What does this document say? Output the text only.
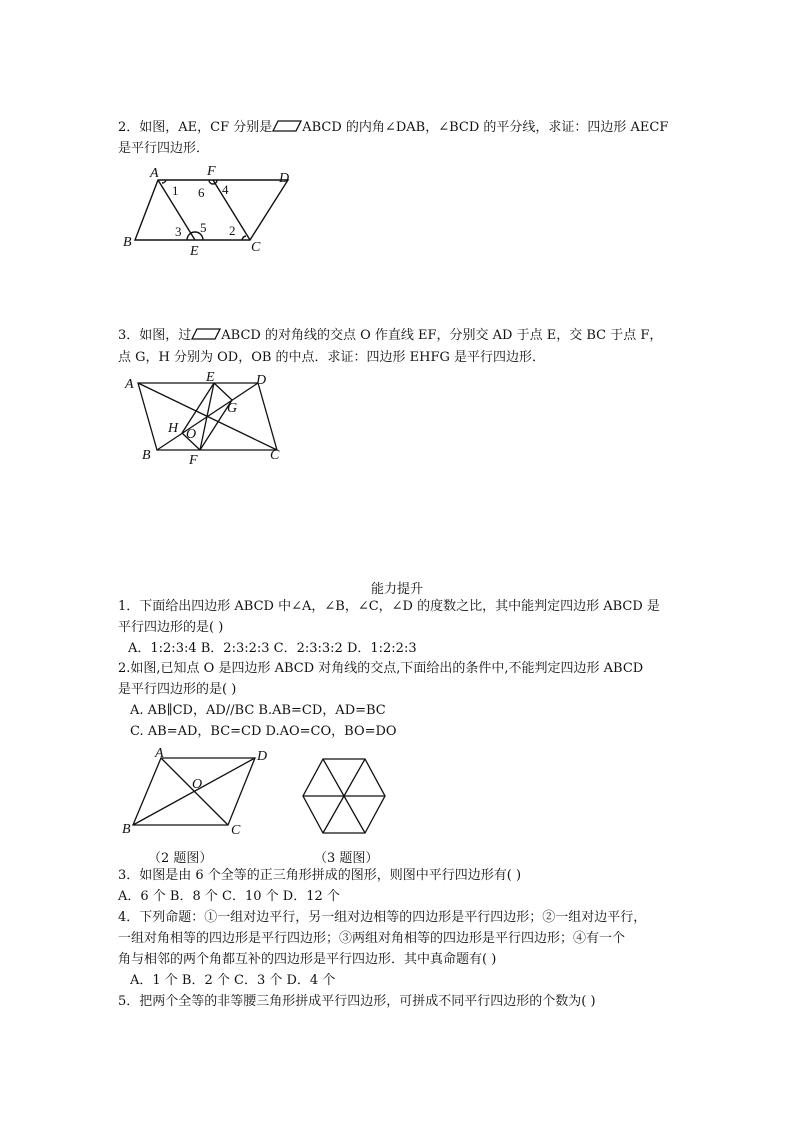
2．如图，AE，CF 分别是 ABCD 的内角∠DAB，∠BCD 的平分线，求证：四边形 AECF
是平行四边形．
A	F	D
B
E	C
1 6 4
3 5 2
3．如图，过 ABCD 的对角线的交点 O 作直线 EF，分别交 AD 于点 E，交 BC 于点 F，
点 G，H 分别为 OD，OB 的中点．求证：四边形 EHFG 是平行四边形．
A	E	D
G
H O
B	F	C
能力提升
1．下面给出四边形 ABCD 中∠A，∠B，∠C，∠D 的度数之比，其中能判定四边形 ABCD 是
平行四边形的是( )
A．1:2:3:4 B．2:3:2:3 C．2:3:3:2 D．1:2:2:3
2.如图,已知点 O 是四边形 ABCD 对角线的交点,下面给出的条件中,不能判定四边形 ABCD
是平行四边形的是( )
A. AB∥CD，AD//BC B.AB=CD，AD=BC
C. AB=AD，BC=CD D.AO=CO，BO=DO
A	D
O
B	C
（2 题图）	（3 题图）
3．如图是由 6 个全等的正三角形拼成的图形，则图中平行四边形有( )
A．6 个 B．8 个 C．10 个 D．12 个
4．下列命题：①一组对边平行，另一组对边相等的四边形是平行四边形；②一组对边平行，
一组对角相等的四边形是平行四边形；③两组对角相等的四边形是平行四边形；④有一个
角与相邻的两个角都互补的四边形是平行四边形．其中真命题有( )
A．1 个 B．2 个 C．3 个 D．4 个
5．把两个全等的非等腰三角形拼成平行四边形，可拼成不同平行四边形的个数为( )
